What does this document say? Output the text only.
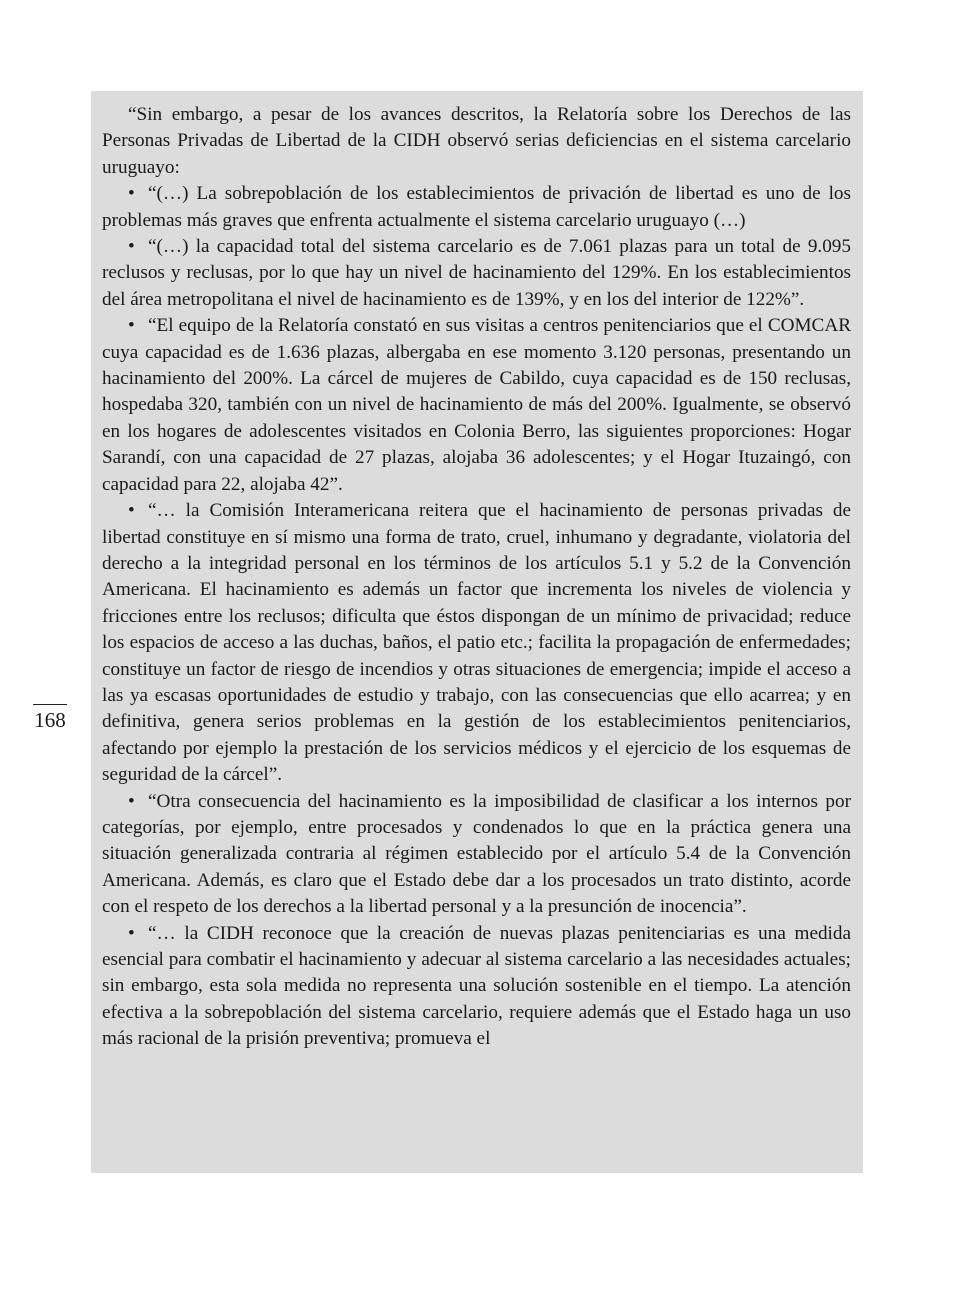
168

“Sin embargo, a pesar de los avances descritos, la Relatoría sobre los Derechos de las Personas Privadas de Libertad de la CIDH observó serias deficiencias en el sistema carcelario uruguayo:

• “(…) La sobrepoblación de los establecimientos de privación de libertad es uno de los problemas más graves que enfrenta actualmente el sistema carcelario uruguayo (…)

• “(…) la capacidad total del sistema carcelario es de 7.061 plazas para un total de 9.095 reclusos y reclusas, por lo que hay un nivel de hacinamiento del 129%. En los establecimientos del área metropolitana el nivel de hacinamiento es de 139%, y en los del interior de 122%”.

• “El equipo de la Relatoría constató en sus visitas a centros penitenciarios que el COMCAR cuya capacidad es de 1.636 plazas, albergaba en ese momento 3.120 personas, presentando un hacinamiento del 200%. La cárcel de mujeres de Cabildo, cuya capacidad es de 150 reclusas, hospedaba 320, también con un nivel de hacinamiento de más del 200%. Igualmente, se observó en los hogares de adolescentes visitados en Colonia Berro, las siguientes proporciones: Hogar Sarandí, con una capacidad de 27 plazas, alojaba 36 adolescentes; y el Hogar Ituzaingó, con capacidad para 22, alojaba 42”.

• “… la Comisión Interamericana reitera que el hacinamiento de personas privadas de libertad constituye en sí mismo una forma de trato, cruel, inhumano y degradante, violatoria del derecho a la integridad personal en los términos de los artículos 5.1 y 5.2 de la Convención Americana. El hacinamiento es además un factor que incrementa los niveles de violencia y fricciones entre los reclusos; dificulta que éstos dispongan de un mínimo de privacidad; reduce los espacios de acceso a las duchas, baños, el patio etc.; facilita la propagación de enfermedades; constituye un factor de riesgo de incendios y otras situaciones de emergencia; impide el acceso a las ya escasas oportunidades de estudio y trabajo, con las consecuencias que ello acarrea; y en definitiva, genera serios problemas en la gestión de los establecimientos penitenciarios, afectando por ejemplo la prestación de los servicios médicos y el ejercicio de los esquemas de seguridad de la cárcel”.

• “Otra consecuencia del hacinamiento es la imposibilidad de clasificar a los internos por categorías, por ejemplo, entre procesados y condenados lo que en la práctica genera una situación generalizada contraria al régimen establecido por el artículo 5.4 de la Convención Americana. Además, es claro que el Estado debe dar a los procesados un trato distinto, acorde con el respeto de los derechos a la libertad personal y a la presunción de inocencia”.

• “… la CIDH reconoce que la creación de nuevas plazas penitenciarias es una medida esencial para combatir el hacinamiento y adecuar al sistema carcelario a las necesidades actuales; sin embargo, esta sola medida no representa una solución sostenible en el tiempo. La atención efectiva a la sobrepoblación del sistema carcelario, requiere además que el Estado haga un uso más racional de la prisión preventiva; promueva el
